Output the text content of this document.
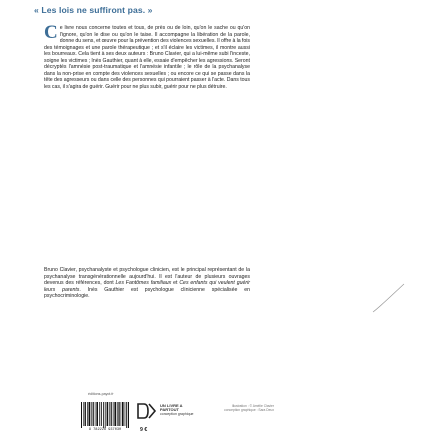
« Les lois ne suffiront pas. »
C e livre nous concerne toutes et tous, de près ou de loin, qu'on le sache ou qu'on l'ignore, qu'on le dise ou qu'on le taise. Il accompagne la libération de la parole, donne du sens, et œuvre pour la prévention des violences sexuelles. Il offre à la fois des témoignages et une parole thérapeutique ; et s'il éclaire les victimes, il montre aussi les bourreaux. Cela tient à ses deux auteurs : Bruno Clavier, qui a lui-même subi l'inceste, soigne les victimes ; Inès Gauthier, quant à elle, essaie d'empêcher les agressions. Seront décryptés l'amnésie post-traumatique et l'amnésie infantile ; le rôle de la psychanalyse dans la non-prise en compte des violences sexuelles ; ou encore ce qui se passe dans la tête des agresseurs ou dans celle des personnes qui pourraient passer à l'acte. Dans tous les cas, il s'agira de guérir. Guérir pour ne plus subir, guérir pour ne plus détruire.

Bruno Clavier, psychanalyste et psychologue clinicien, est le principal représentant de la psychanalyse transgénérationnelle aujourd'hui. Il est l'auteur de plusieurs ouvrages devenus des références, dont Les Fantômes familiaux et Ces enfants qui veulent guérir leurs parents. Inès Gauthier est psychologue clinicienne spécialisée en psychocriminologie.

éditions-payot.fr
9 782228 937030	9 €
UN LIVRE A
PARTOUT
conception graphique
Illustration : © Amélie Clavier
conception graphique : Sara Deux
